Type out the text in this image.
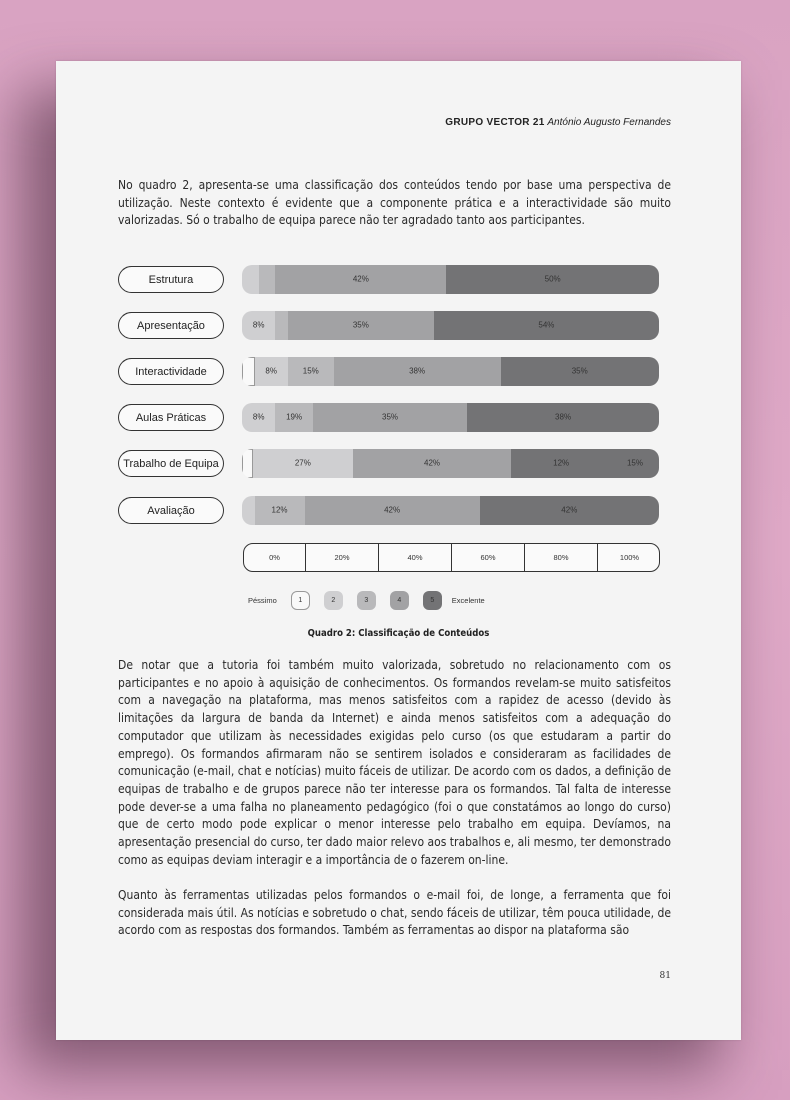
GRUPO VECTOR 21 António Augusto Fernandes

No quadro 2, apresenta-se uma classificação dos conteúdos tendo por base uma perspectiva de utilização. Neste contexto é evidente que a componente prática e a interactividade são muito valorizadas. Só o trabalho de equipa parece não ter agradado tanto aos participantes.

Estrutura	42%	50%
Apresentação	8%	35%	54%
Interactividade	8%	15%	38%	35%
Aulas Práticas	8%	19%	35%	38%
Trabalho de Equipa	27%	42%	12%	15%
Avaliação	12%	42%	42%
0%	20%	40%	60%	80%	100%
Péssimo	1	2	3	4	5	Excelente
Quadro 2: Classificação de Conteúdos

De notar que a tutoria foi também muito valorizada, sobretudo no relacionamento com os participantes e no apoio à aquisição de conhecimentos. Os formandos revelam-se muito satisfeitos com a navegação na plataforma, mas menos satisfeitos com a rapidez de acesso (devido às limitações da largura de banda da Internet) e ainda menos satisfeitos com a adequação do computador que utilizam às necessidades exigidas pelo curso (os que estudaram a partir do emprego). Os formandos afirmaram não se sentirem isolados e consideraram as facilidades de comunicação (e-mail, chat e notícias) muito fáceis de utilizar. De acordo com os dados, a definição de equipas de trabalho e de grupos parece não ter interesse para os formandos. Tal falta de interesse pode dever-se a uma falha no planeamento pedagógico (foi o que constatámos ao longo do curso) que de certo modo pode explicar o menor interesse pelo trabalho em equipa. Devíamos, na apresentação presencial do curso, ter dado maior relevo aos trabalhos e, ali mesmo, ter demonstrado como as equipas deviam interagir e a importância de o fazerem on-line.

Quanto às ferramentas utilizadas pelos formandos o e-mail foi, de longe, a ferramenta que foi considerada mais útil. As notícias e sobretudo o chat, sendo fáceis de utilizar, têm pouca utilidade, de acordo com as respostas dos formandos. Também as ferramentas ao dispor na plataforma são

81
